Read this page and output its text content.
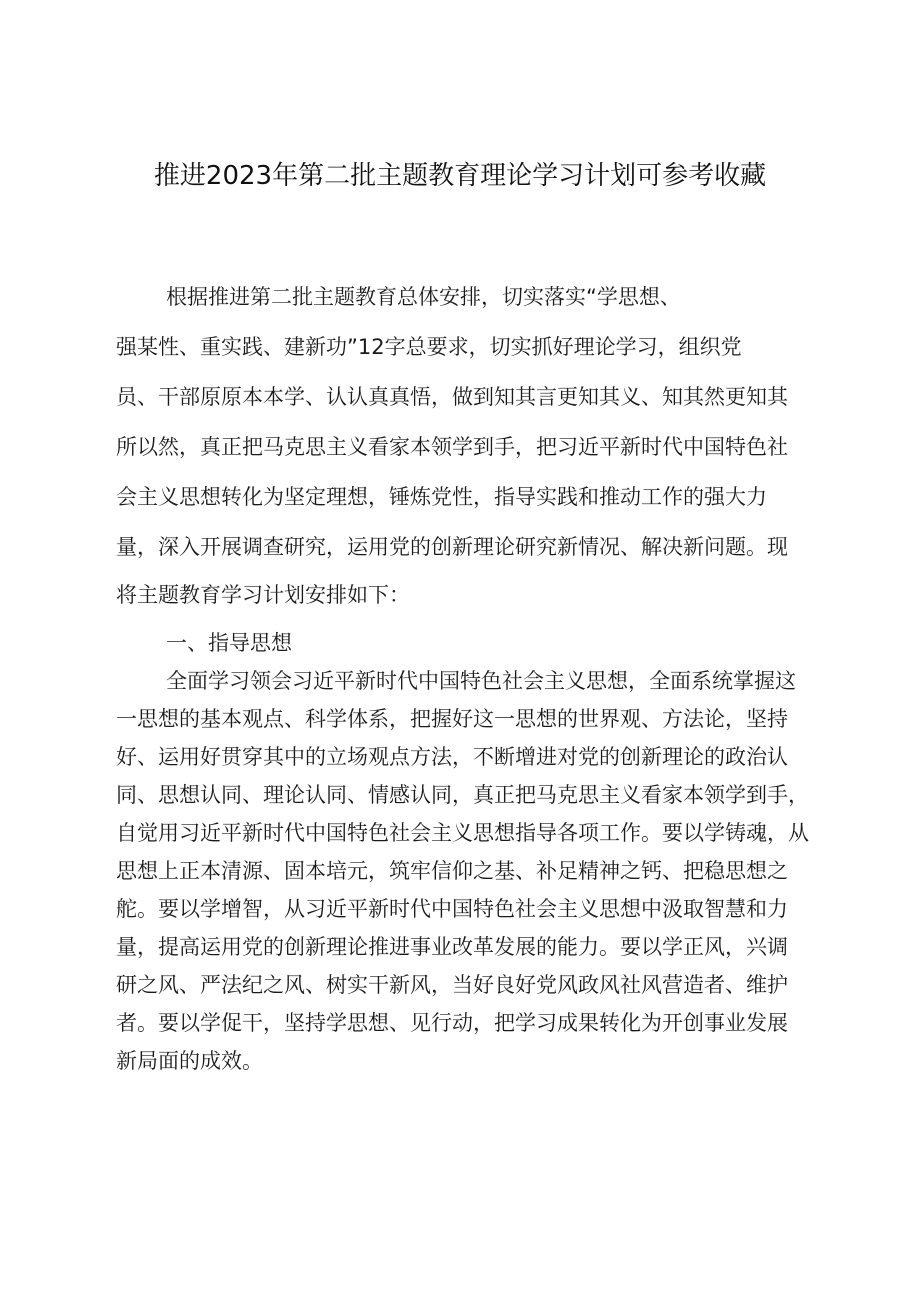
推进2023年第二批主题教育理论学习计划可参考收藏
根据推进第二批主题教育总体安排，切实落实“学思想、
强某性、重实践、建新功”12字总要求，切实抓好理论学习，组织党
员、干部原原本本学、认认真真悟，做到知其言更知其义、知其然更知其
所以然，真正把马克思主义看家本领学到手，把习近平新时代中国特色社
会主义思想转化为坚定理想，锤炼党性，指导实践和推动工作的强大力
量，深入开展调查研究，运用党的创新理论研究新情况、解决新问题。现
将主题教育学习计划安排如下：
一、指导思想
全面学习领会习近平新时代中国特色社会主义思想，全面系统掌握这
一思想的基本观点、科学体系，把握好这一思想的世界观、方法论，坚持
好、运用好贯穿其中的立场观点方法，不断增进对党的创新理论的政治认
同、思想认同、理论认同、情感认同，真正把马克思主义看家本领学到手，
自觉用习近平新时代中国特色社会主义思想指导各项工作。要以学铸魂，从
思想上正本清源、固本培元，筑牢信仰之基、补足精神之钙、把稳思想之
舵。要以学增智，从习近平新时代中国特色社会主义思想中汲取智慧和力
量，提高运用党的创新理论推进事业改革发展的能力。要以学正风，兴调
研之风、严法纪之风、树实干新风，当好良好党风政风社风营造者、维护
者。要以学促干，坚持学思想、见行动，把学习成果转化为开创事业发展
新局面的成效。
